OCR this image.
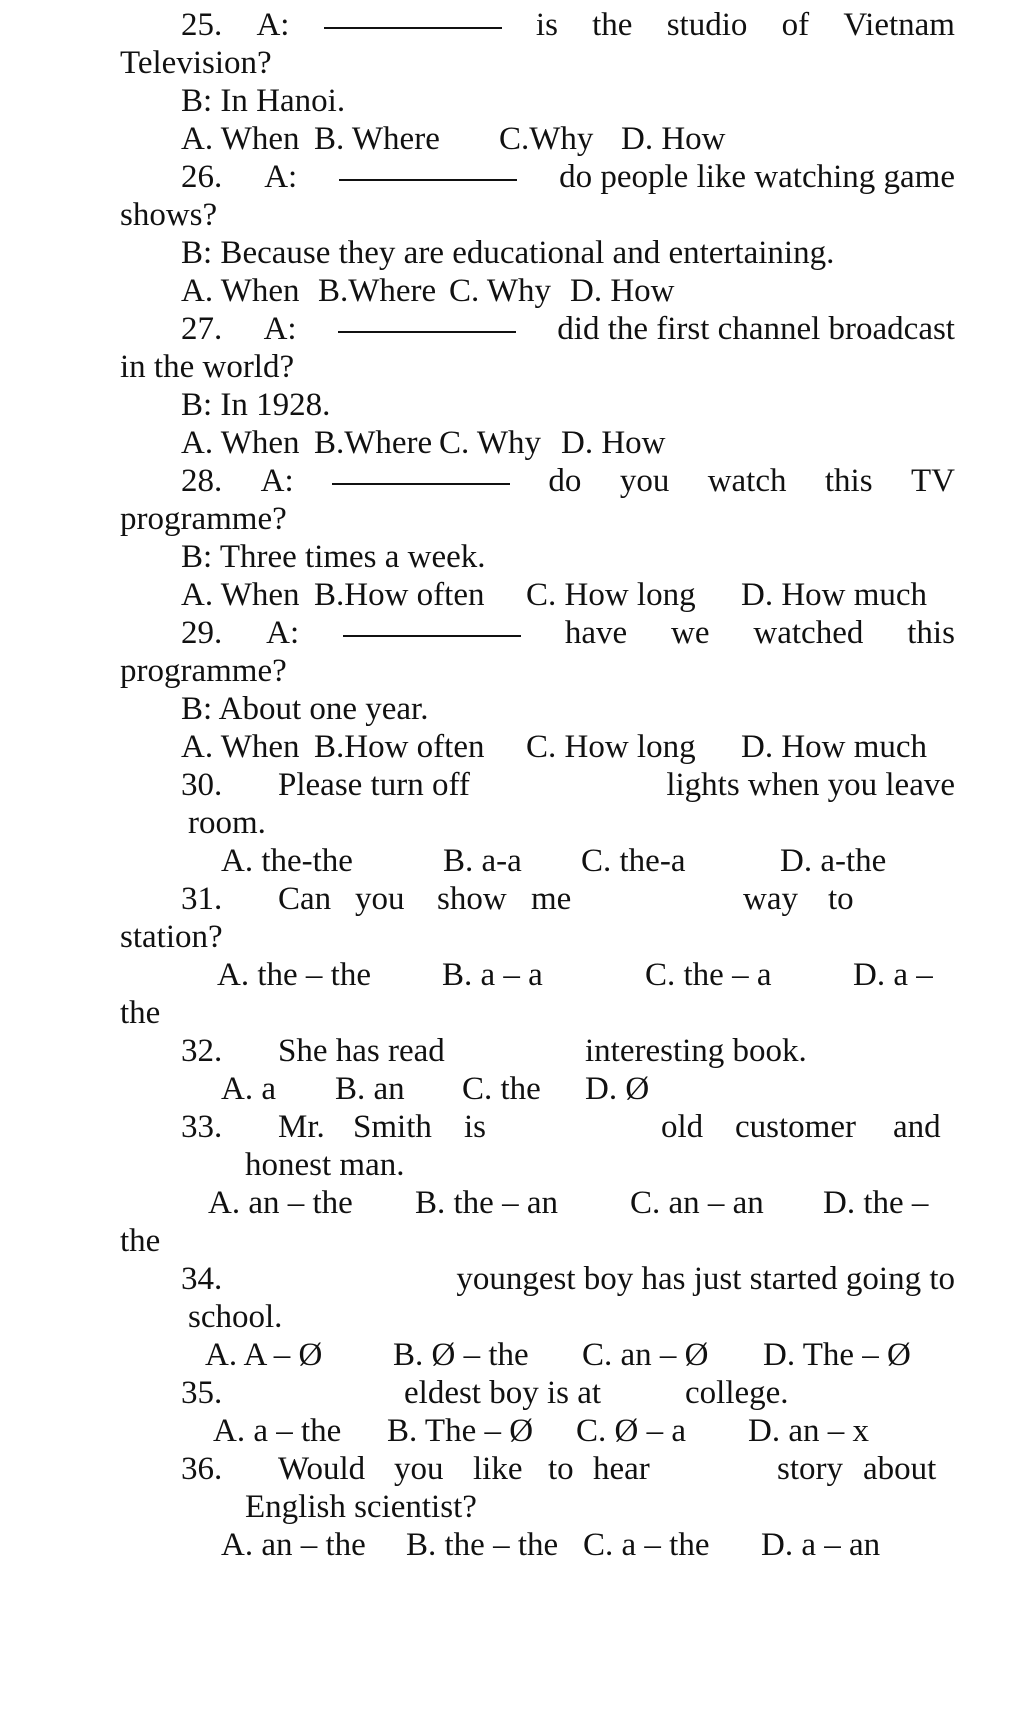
25. A:	is the studio of Vietnam
Television?
B: In Hanoi.
A. When B. Where C.Why D. How
26. A:	do people like watching game
shows?
B: Because they are educational and entertaining.
A. When B.Where C. Why D. How
27. A:	did the first channel broadcast
in the world?
B: In 1928.
A. When B.Where C. Why D. How
28. A:	do you watch this TV
programme?
B: Three times a week.
A. When B.How often C. How long D. How much
29. A:	have we watched this
programme?
B: About one year.
A. When B.How often C. How long D. How much
30. Please turn off	lights when you leave
room.
A. the-the	B. a-a C. the-a	D. a-the
31. Can you show me	way to
station?
A. the – the B. a – a	C. the – a D. a –
the
32. She has read	interesting book.
A. a B. an C. the D. Ø
33. Mr. Smith is	old customer and
honest man.
A. an – the B. the – an C. an – an D. the –
the
34.	youngest boy has just started going to
school.
A. A – Ø B. Ø – the C. an – Ø D. The – Ø
35.	eldest boy is at	college.
A. a – the B. The – Ø C. Ø – a D. an – x
36. Would you like to hear	story about
English scientist?
A. an – the B. the – the C. a – the D. a – an
